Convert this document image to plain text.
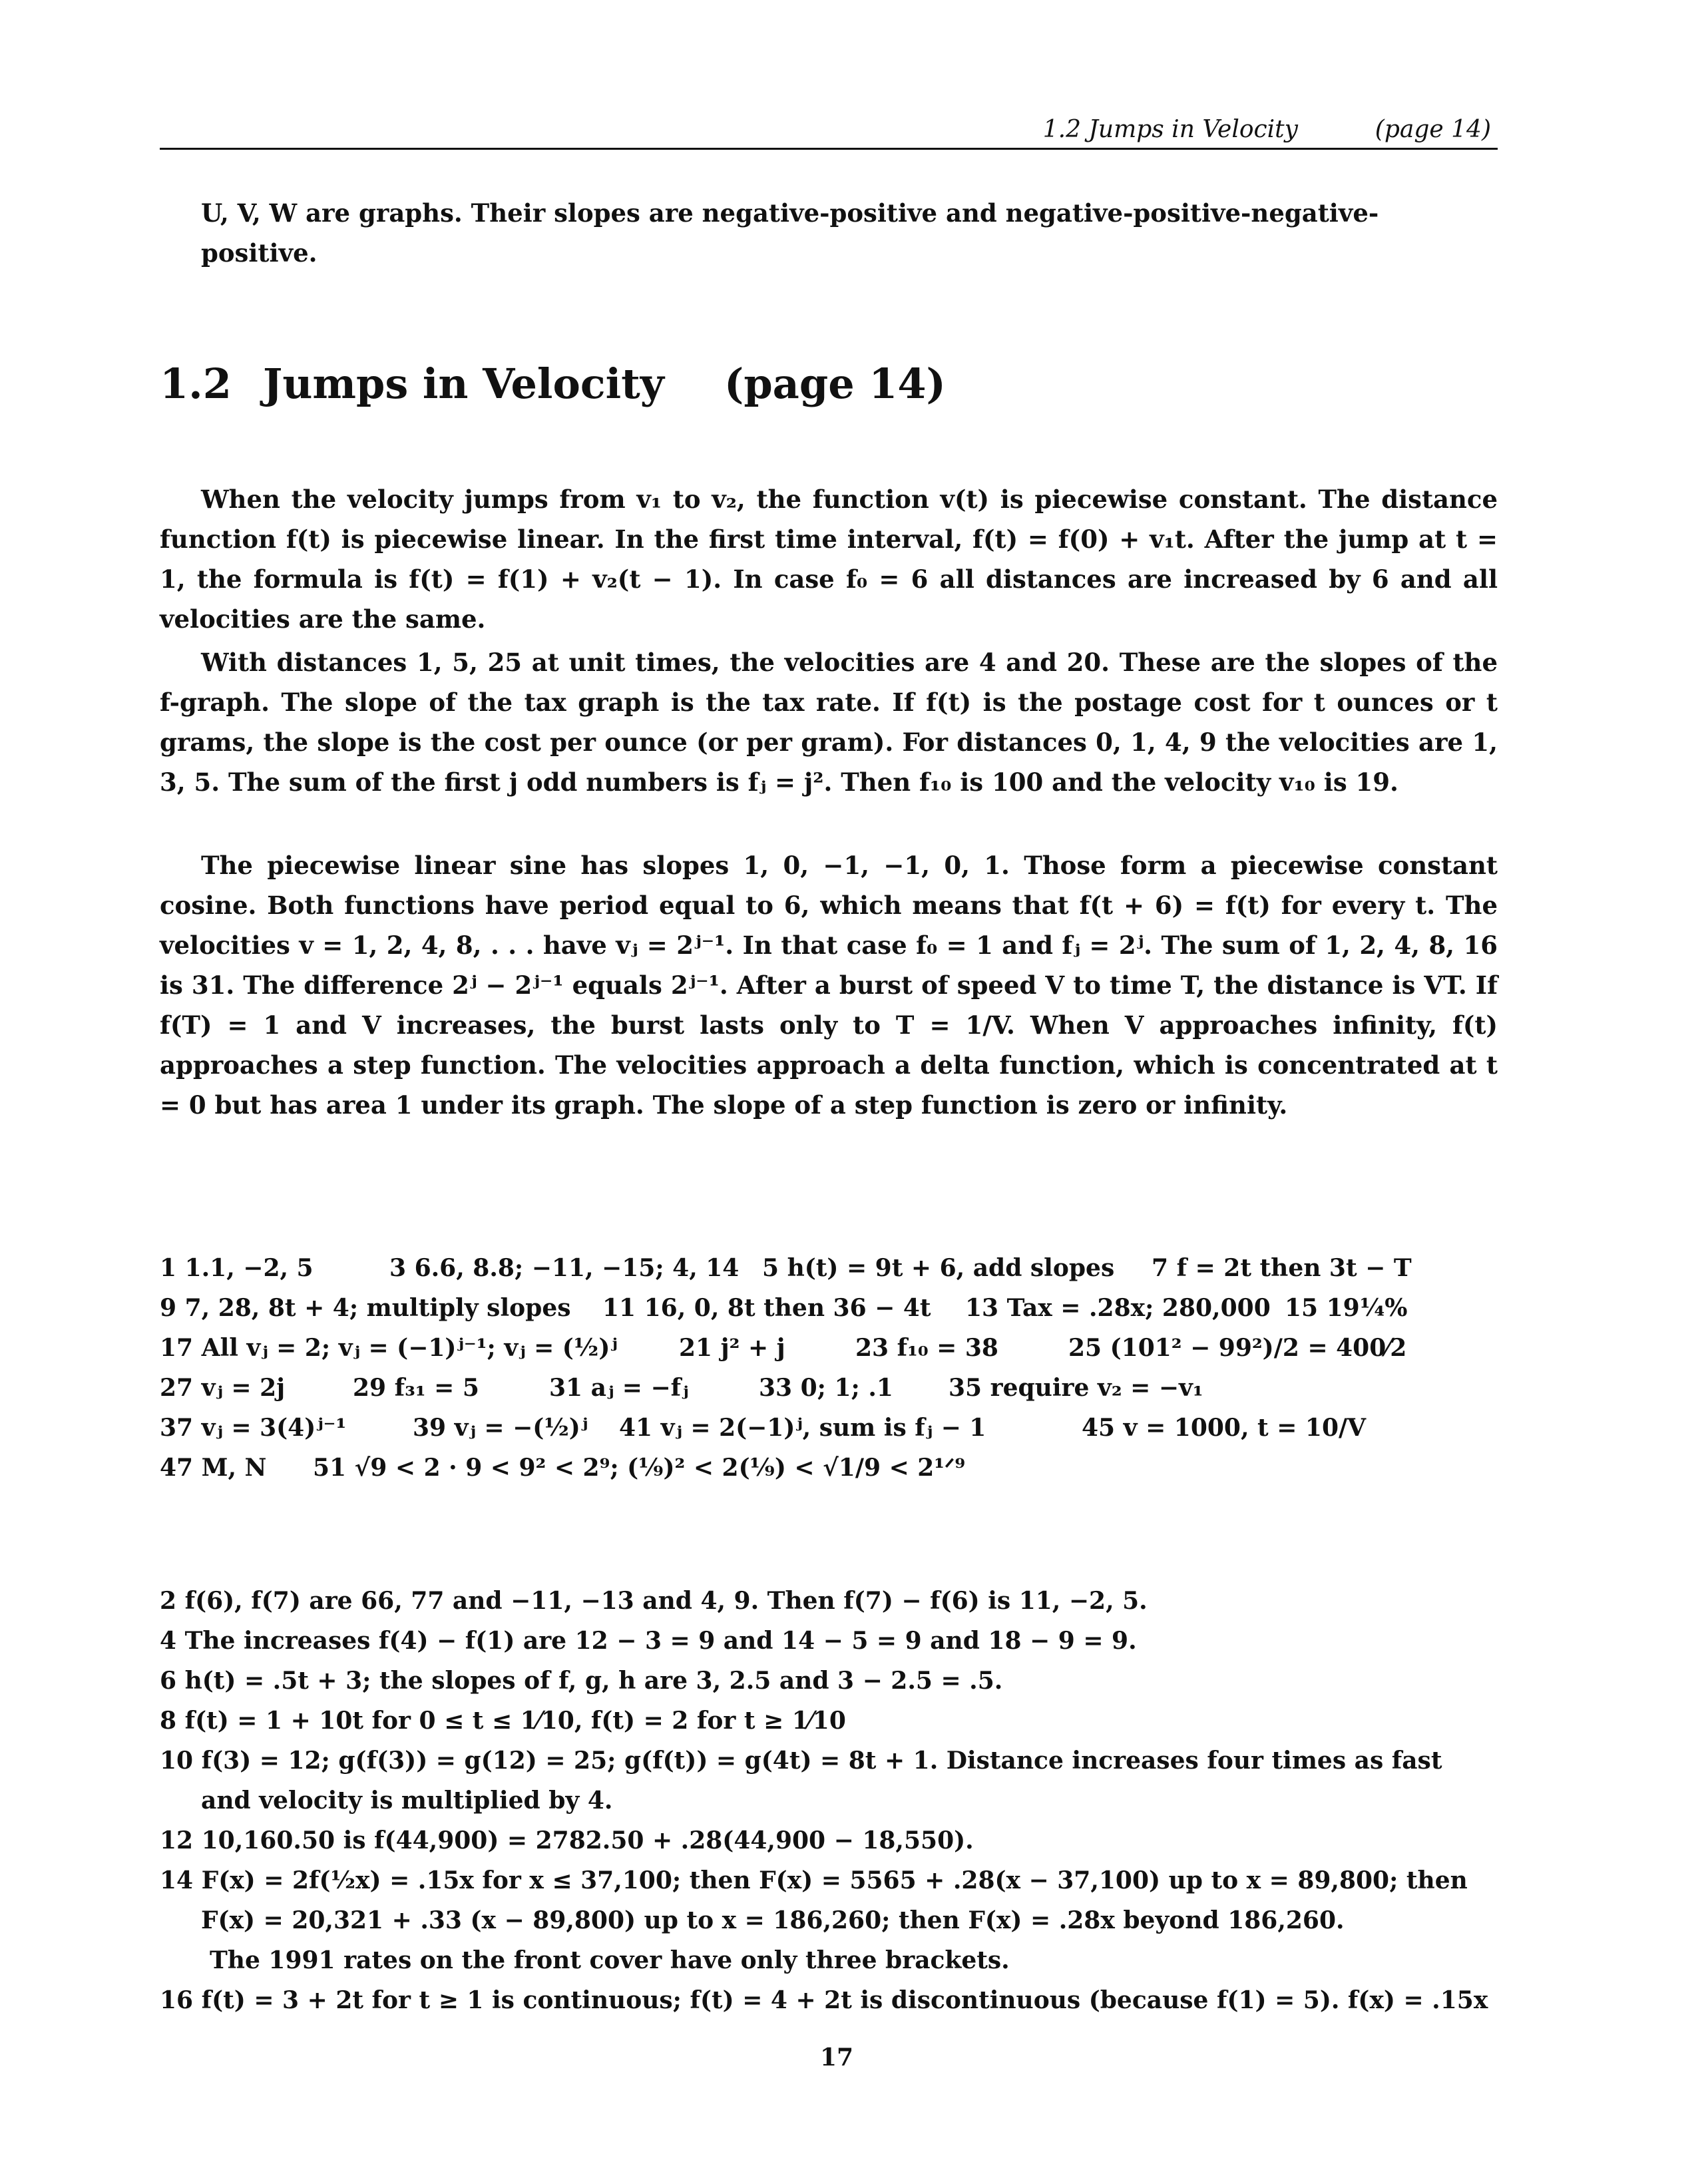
1.2 Jumps in Velocity	(page 14)
U, V, W are graphs. Their slopes are negative-positive and negative-positive-negative-positive.
1.2 Jumps in Velocity (page 14)

When the velocity jumps from v₁ to v₂, the function v(t) is piecewise constant. The distance function f(t) is piecewise linear. In the first time interval, f(t) = f(0) + v₁t. After the jump at t = 1, the formula is f(t) = f(1) + v₂(t − 1). In case f₀ = 6 all distances are increased by 6 and all velocities are the same.

With distances 1, 5, 25 at unit times, the velocities are 4 and 20. These are the slopes of the f-graph. The slope of the tax graph is the tax rate. If f(t) is the postage cost for t ounces or t grams, the slope is the cost per ounce (or per gram). For distances 0, 1, 4, 9 the velocities are 1, 3, 5. The sum of the first j odd numbers is fⱼ = j². Then f₁₀ is 100 and the velocity v₁₀ is 19.

The piecewise linear sine has slopes 1, 0, −1, −1, 0, 1. Those form a piecewise constant cosine. Both functions have period equal to 6, which means that f(t + 6) = f(t) for every t. The velocities v = 1, 2, 4, 8, . . . have vⱼ = 2ʲ⁻¹. In that case f₀ = 1 and fⱼ = 2ʲ. The sum of 1, 2, 4, 8, 16 is 31. The difference 2ʲ − 2ʲ⁻¹ equals 2ʲ⁻¹. After a burst of speed V to time T, the distance is VT. If f(T) = 1 and V increases, the burst lasts only to T = 1/V. When V approaches infinity, f(t) approaches a step function. The velocities approach a delta function, which is concentrated at t = 0 but has area 1 under its graph. The slope of a step function is zero or infinity.

1 1.1, −2, 5	3 6.6, 8.8; −11, −15; 4, 14 5 h(t) = 9t + 6, add slopes 7 f = 2t then 3t − T
9 7, 28, 8t + 4; multiply slopes 11 16, 0, 8t then 36 − 4t 13 Tax = .28x; 280,000 15 19¼%
17 All vⱼ = 2; vⱼ = (−1)ʲ⁻¹; vⱼ = (½)ʲ	21 j² + j	23 f₁₀ = 38	25 (101² − 99²)/2 = 400⁄2
27 vⱼ = 2j	29 f₃₁ = 5	31 aⱼ = −fⱼ	33 0; 1; .1 35 require v₂ = −v₁
37 vⱼ = 3(4)ʲ⁻¹	39 vⱼ = −(½)ʲ 41 vⱼ = 2(−1)ʲ, sum is fⱼ − 1	45 v = 1000, t = 10/V
47 M, N 51 √9 < 2 · 9 < 9² < 2⁹; (⅑)² < 2(⅑) < √1/9 < 2¹ᐟ⁹

2 f(6), f(7) are 66, 77 and −11, −13 and 4, 9. Then f(7) − f(6) is 11, −2, 5.

4 The increases f(4) − f(1) are 12 − 3 = 9 and 14 − 5 = 9 and 18 − 9 = 9.

6 h(t) = .5t + 3; the slopes of f, g, h are 3, 2.5 and 3 − 2.5 = .5.

8 f(t) = 1 + 10t for 0 ≤ t ≤ 1⁄10, f(t) = 2 for t ≥ 1⁄10

10 f(3) = 12; g(f(3)) = g(12) = 25; g(f(t)) = g(4t) = 8t + 1. Distance increases four times as fast and velocity is multiplied by 4.

12 10,160.50 is f(44,900) = 2782.50 + .28(44,900 − 18,550).

14 F(x) = 2f(½x) = .15x for x ≤ 37,100; then F(x) = 5565 + .28(x − 37,100) up to x = 89,800; then F(x) = 20,321 + .33 (x − 89,800) up to x = 186,260; then F(x) = .28x beyond 186,260.

The 1991 rates on the front cover have only three brackets.

16 f(t) = 3 + 2t for t ≥ 1 is continuous; f(t) = 4 + 2t is discontinuous (because f(1) = 5). f(x) = .15x

17
